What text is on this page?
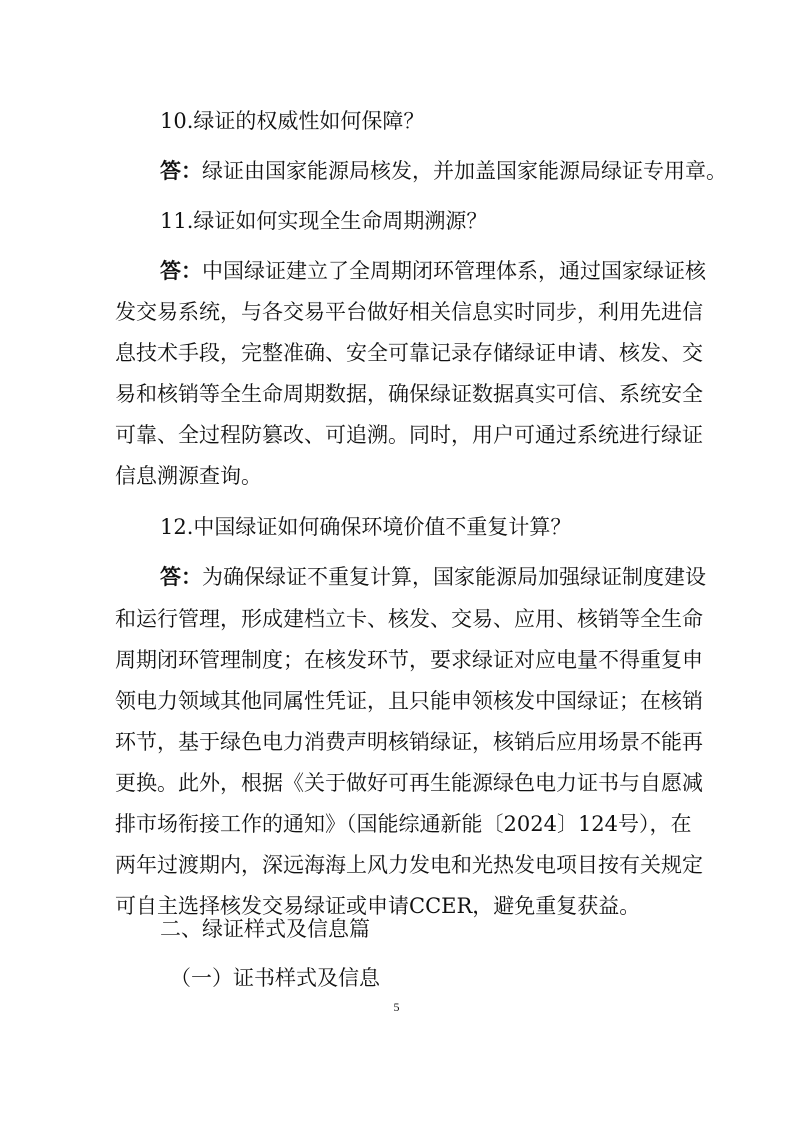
10.绿证的权威性如何保障？
答：绿证由国家能源局核发，并加盖国家能源局绿证专用章。
11.绿证如何实现全生命周期溯源？
答：中国绿证建立了全周期闭环管理体系，通过国家绿证核
发交易系统，与各交易平台做好相关信息实时同步，利用先进信
息技术手段，完整准确、安全可靠记录存储绿证申请、核发、交
易和核销等全生命周期数据，确保绿证数据真实可信、系统安全
可靠、全过程防篡改、可追溯。同时，用户可通过系统进行绿证
信息溯源查询。
12.中国绿证如何确保环境价值不重复计算？
答：为确保绿证不重复计算，国家能源局加强绿证制度建设
和运行管理，形成建档立卡、核发、交易、应用、核销等全生命
周期闭环管理制度；在核发环节，要求绿证对应电量不得重复申
领电力领域其他同属性凭证，且只能申领核发中国绿证；在核销
环节，基于绿色电力消费声明核销绿证，核销后应用场景不能再
更换。此外，根据《关于做好可再生能源绿色电力证书与自愿减
排市场衔接工作的通知》（国能综通新能〔2024〕124号），在
两年过渡期内，深远海海上风力发电和光热发电项目按有关规定
可自主选择核发交易绿证或申请CCER，避免重复获益。
二、绿证样式及信息篇
（一）证书样式及信息
5
